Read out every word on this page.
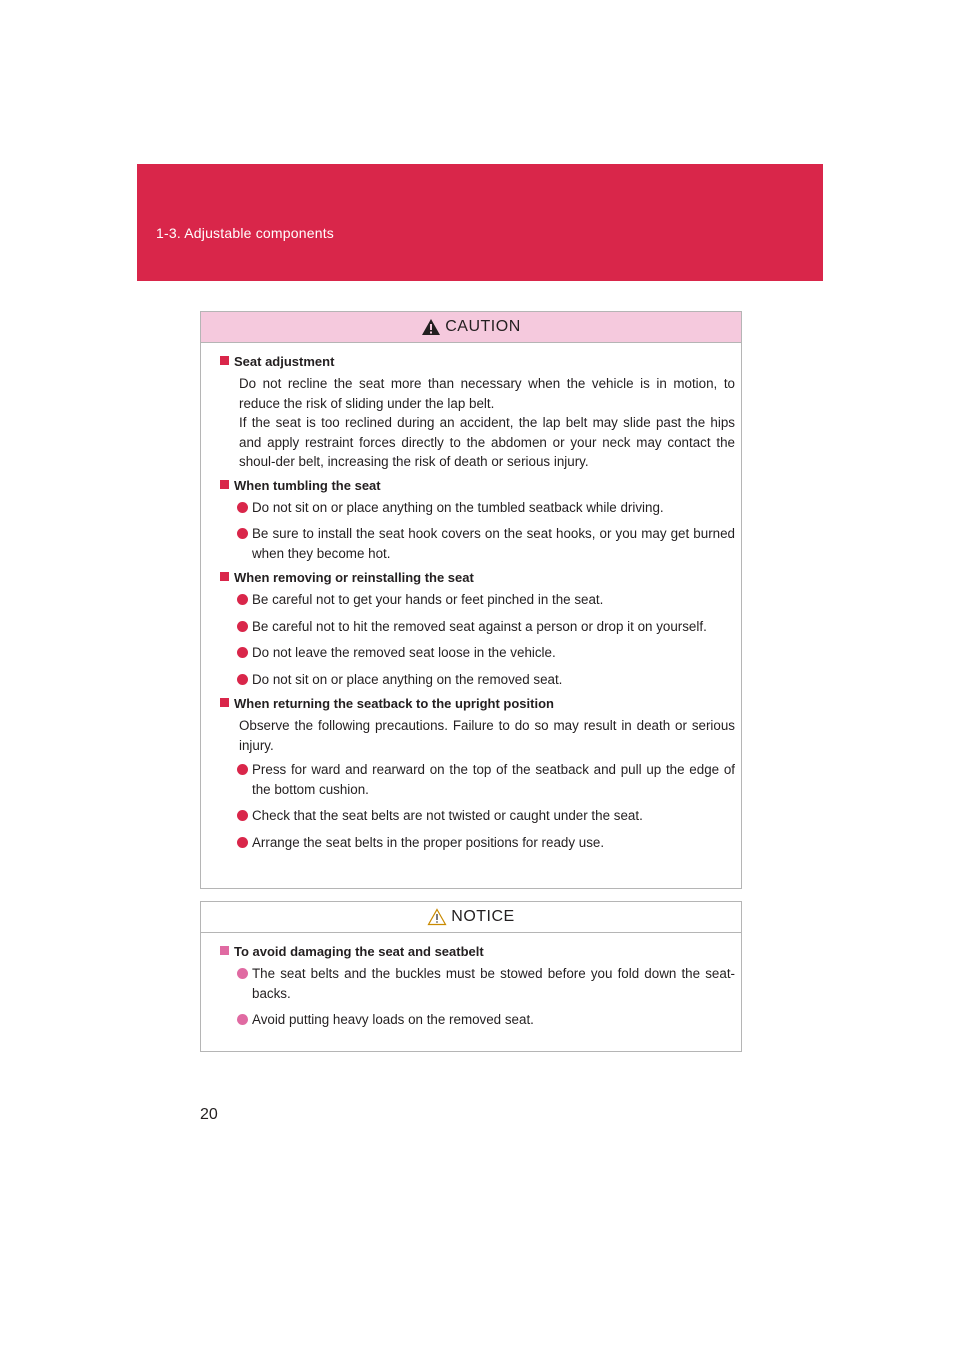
1-3. Adjustable components
CAUTION
Seat adjustment

Do not recline the seat more than necessary when the vehicle is in motion, to reduce the risk of sliding under the lap belt.

If the seat is too reclined during an accident, the lap belt may slide past the hips and apply restraint forces directly to the abdomen or your neck may contact the shoul-der belt, increasing the risk of death or serious injury.

When tumbling the seat

Do not sit on or place anything on the tumbled seatback while driving.

Be sure to install the seat hook covers on the seat hooks, or you may get burned when they become hot.

When removing or reinstalling the seat

Be careful not to get your hands or feet pinched in the seat.

Be careful not to hit the removed seat against a person or drop it on yourself.

Do not leave the removed seat loose in the vehicle.

Do not sit on or place anything on the removed seat.

When returning the seatback to the upright position

Observe the following precautions. Failure to do so may result in death or serious injury.

Press for ward and rearward on the top of the seatback and pull up the edge of the bottom cushion.

Check that the seat belts are not twisted or caught under the seat.

Arrange the seat belts in the proper positions for ready use.

NOTICE
To avoid damaging the seat and seatbelt

The seat belts and the buckles must be stowed before you fold down the seat-backs.

Avoid putting heavy loads on the removed seat.

20
